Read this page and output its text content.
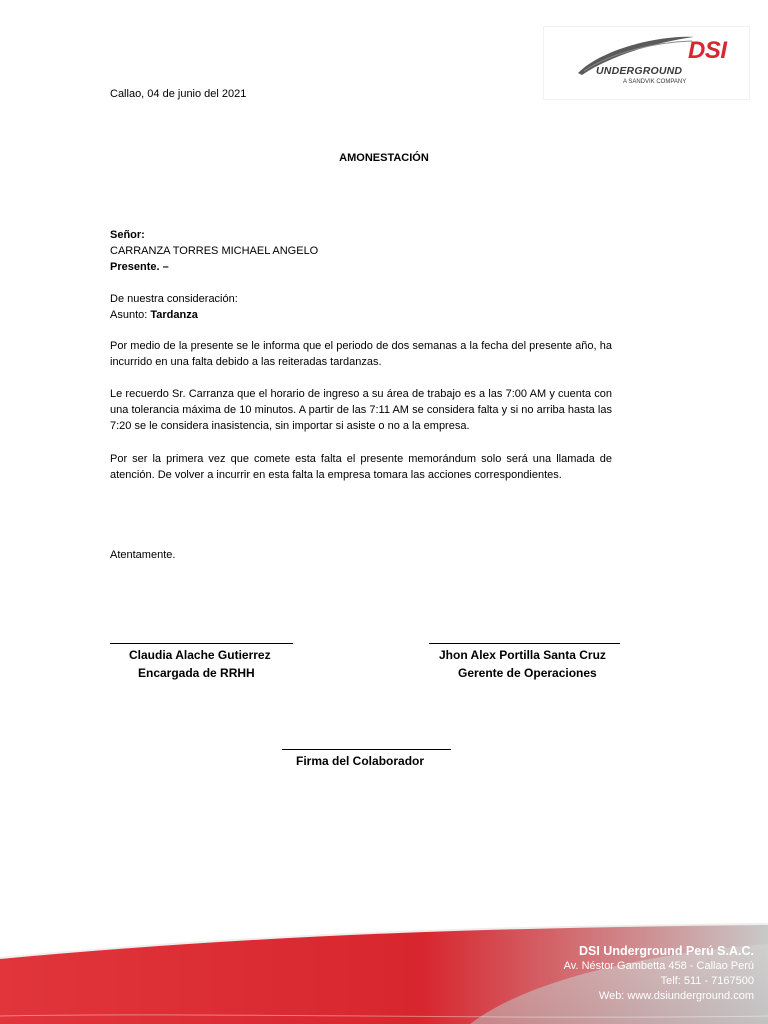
DSI
UNDERGROUND
A SANDVIK COMPANY
Callao, 04 de junio del 2021
AMONESTACIÓN
Señor:
CARRANZA TORRES MICHAEL ANGELO
Presente. –
De nuestra consideración:
Asunto: Tardanza
Por medio de la presente se le informa que el periodo de dos semanas a la fecha del presente año, ha incurrido en una falta debido a las reiteradas tardanzas.
Le recuerdo Sr. Carranza que el horario de ingreso a su área de trabajo es a las 7:00 AM y cuenta con una tolerancia máxima de 10 minutos. A partir de las 7:11 AM se considera falta y si no arriba hasta las 7:20 se le considera inasistencia, sin importar si asiste o no a la empresa.
Por ser la primera vez que comete esta falta el presente memorándum solo será una llamada de atención. De volver a incurrir en esta falta la empresa tomara las acciones correspondientes.
Atentamente.
Claudia Alache Gutierrez
Encargada de RRHH
Jhon Alex Portilla Santa Cruz
Gerente de Operaciones
Firma del Colaborador
DSI Underground Perú S.A.C.
Av. Néstor Gambetta 458 - Callao Perú
Telf: 511 - 7167500
Web: www.dsiunderground.com
